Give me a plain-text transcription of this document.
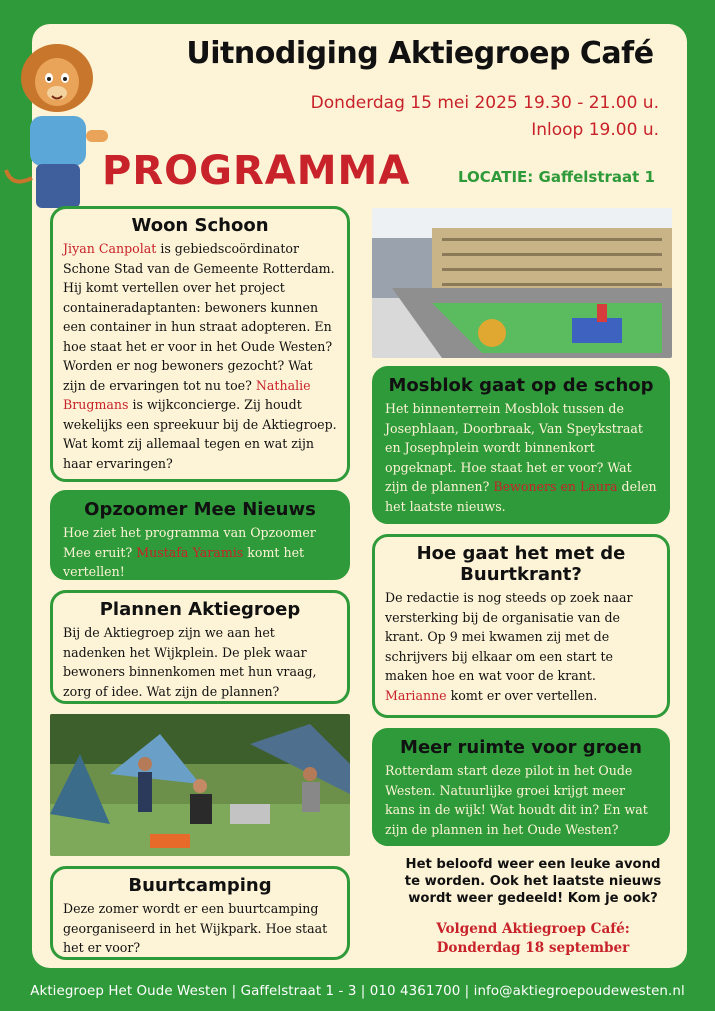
Uitnodiging Aktiegroep Café
Donderdag 15 mei 2025 19.30 - 21.00 u.
Inloop 19.00 u.
PROGRAMMA	LOCATIE: Gaffelstraat 1
Woon Schoon

Jiyan Canpolat is gebiedscoördinator Schone Stad van de Gemeente Rotterdam. Hij komt vertellen over het project containeradaptanten: bewoners kunnen een container in hun straat adopteren. En hoe staat het er voor in het Oude Westen? Worden er nog bewoners gezocht? Wat zijn de ervaringen tot nu toe? Nathalie Brugmans is wijkconcierge. Zij houdt wekelijks een spreekuur bij de Aktiegroep. Wat komt zij allemaal tegen en wat zijn haar ervaringen?

Opzoomer Mee Nieuws

Hoe ziet het programma van Opzoomer Mee eruit? Mustafa Yaramis komt het vertellen!

Plannen Aktiegroep

Bij de Aktiegroep zijn we aan het nadenken het Wijkplein. De plek waar bewoners binnenkomen met hun vraag, zorg of idee. Wat zijn de plannen?

Buurtcamping

Deze zomer wordt er een buurtcamping georganiseerd in het Wijkpark. Hoe staat het er voor?

Mosblok gaat op de schop

Het binnenterrein Mosblok tussen de Josephlaan, Doorbraak, Van Speykstraat en Josephplein wordt binnenkort opgeknapt. Hoe staat het er voor? Wat zijn de plannen? Bewoners en Laura delen het laatste nieuws.

Hoe gaat het met de Buurtkrant?

De redactie is nog steeds op zoek naar versterking bij de organisatie van de krant. Op 9 mei kwamen zij met de schrijvers bij elkaar om een start te maken hoe en wat voor de krant. Marianne komt er over vertellen.

Meer ruimte voor groen

Rotterdam start deze pilot in het Oude Westen. Natuurlijke groei krijgt meer kans in de wijk! Wat houdt dit in? En wat zijn de plannen in het Oude Westen?

Het beloofd weer een leuke avond te worden. Ook het laatste nieuws wordt weer gedeeld! Kom je ook?
Volgend Aktiegroep Café:
Donderdag 18 september
Aktiegroep Het Oude Westen | Gaffelstraat 1 - 3 | 010 4361700 | info@aktiegroepoudewesten.nl
